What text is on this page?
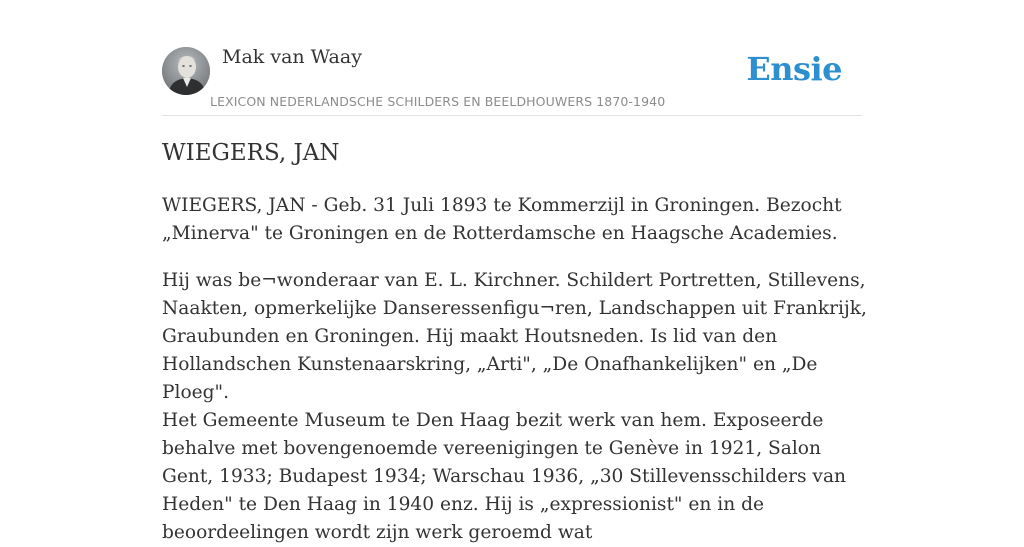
Mak van Waay
LEXICON NEDERLANDSCHE SCHILDERS EN BEELDHOUWERS 1870-1940
Ensie
WIEGERS, JAN

WIEGERS, JAN - Geb. 31 Juli 1893 te Kommerzijl in Groningen. Bezocht „Minerva" te Groningen en de Rotterdamsche en Haagsche Academies.

Hij was be¬wonderaar van E. L. Kirchner. Schildert Portretten, Stillevens, Naakten, opmerkelijke Danseressenfigu¬ren, Landschappen uit Frankrijk, Graubunden en Groningen. Hij maakt Houtsneden. Is lid van den Hollandschen Kunstenaarskring, „Arti", „De Onafhankelijken" en „De Ploeg".

Het Gemeente Museum te Den Haag bezit werk van hem. Exposeerde behalve met bovengenoemde vereenigingen te Genève in 1921, Salon Gent, 1933; Budapest 1934; Warschau 1936, „30 Stillevensschilders van Heden" te Den Haag in 1940 enz. Hij is „expressionist" en in de beoordeelingen wordt zijn werk geroemd wat
